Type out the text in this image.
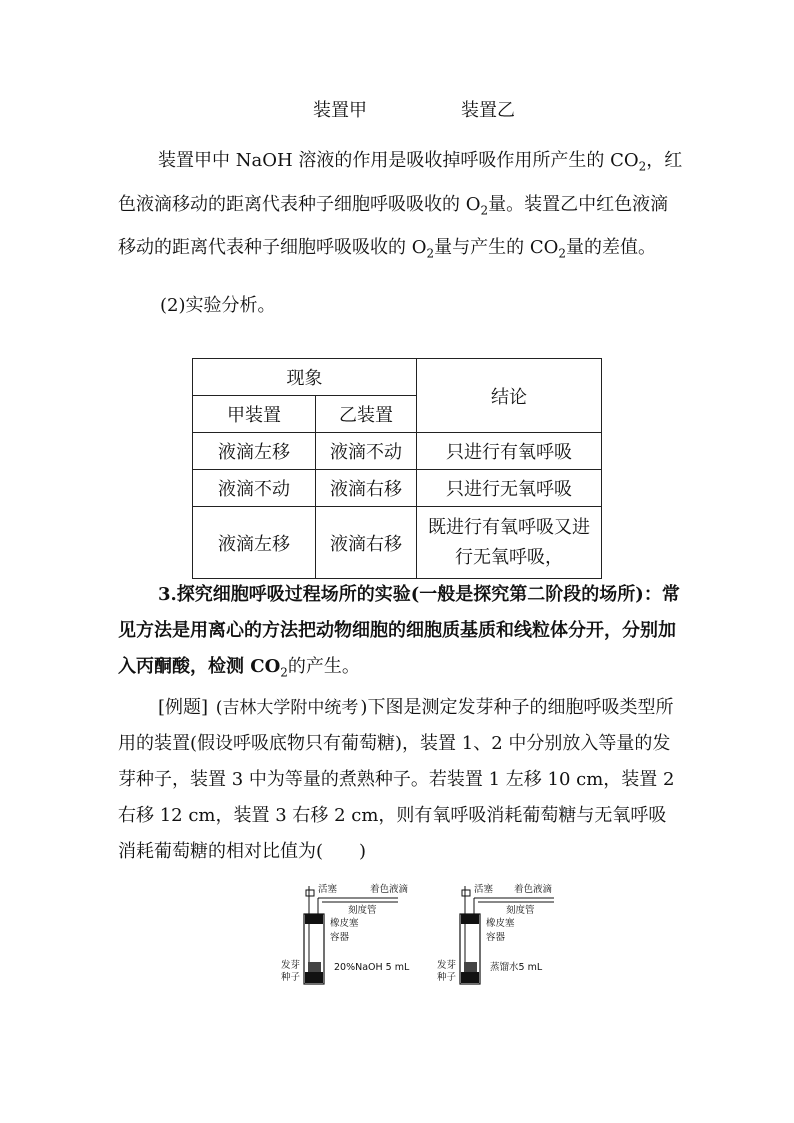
装置甲	装置乙
装置甲中 NaOH 溶液的作用是吸收掉呼吸作用所产生的 $CO_2$，红色液滴移动的距离代表种子细胞呼吸吸收的 $O_2$量。装置乙中红色液滴移动的距离代表种子细胞呼吸吸收的 $O_2$量与产生的 $CO_2$量的差值。
(2)实验分析。
现象		结论
甲装置	乙装置	
液滴左移	液滴不动	只进行有氧呼吸
液滴不动	液滴右移	只进行无氧呼吸
液滴左移	液滴右移	既进行有氧呼吸又进行无氧呼吸，
3.探究细胞呼吸过程场所的实验(一般是探究第二阶段的场所)：常见方法是用离心的方法把动物细胞的细胞质基质和线粒体分开，分别加入丙酮酸，检测 $CO_2$的产生。
[例题] (吉林大学附中统考 )下图是测定发芽种子的细胞呼吸类型所用的装置(假设呼吸底物只有葡萄糖)，装置 1、2 中分别放入等量的发芽种子，装置 3 中为等量的煮熟种子。若装置 1 左移 10 cm，装置 2 右移 12 cm，装置 3 右移 2 cm，则有氧呼吸消耗葡萄糖与无氧呼吸消耗葡萄糖的相对比值为(　　)
活塞	着色液滴
刻度管
橡皮塞
容器
发芽
种子
20%NaOH 5 mL
活塞 着色液滴
刻度管
橡皮塞
容器
发芽
种子
蒸馏水5 mL
